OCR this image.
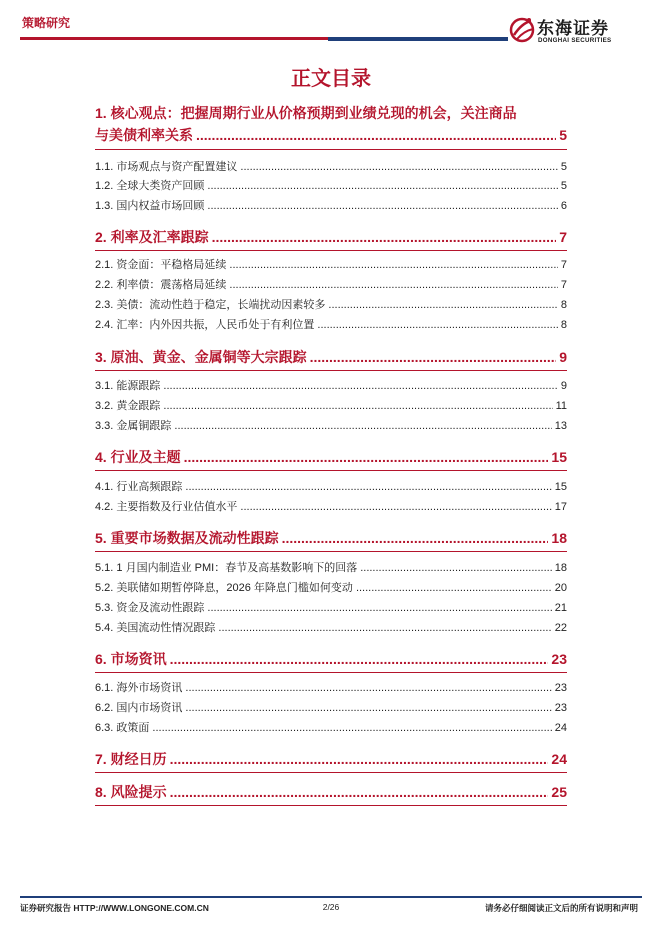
策略研究	东海证券
DONGHAI SECURITIES
正文目录
1. 核心观点：把握周期行业从价格预期到业绩兑现的机会，关注商品
与美债利率关系 .....	5
1.1. 市场观点与资产配置建议 .....	5
1.2. 全球大类资产回顾 .....	5
1.3. 国内权益市场回顾 .....	6
2. 利率及汇率跟踪 .....	7
2.1. 资金面：平稳格局延续 .....	7
2.2. 利率债：震荡格局延续 .....	7
2.3. 美债：流动性趋于稳定，长端扰动因素较多 .....	8
2.4. 汇率：内外因共振，人民币处于有利位置 .....	8
3. 原油、黄金、金属铜等大宗跟踪 .....	9
3.1. 能源跟踪 .....	9
3.2. 黄金跟踪 .....	11
3.3. 金属铜跟踪 .....	13
4. 行业及主题 .....	15
4.1. 行业高频跟踪 .....	15
4.2. 主要指数及行业估值水平 .....	17
5. 重要市场数据及流动性跟踪 .....	18
5.1. 1 月国内制造业 PMI：春节及高基数影响下的回落 .....	18
5.2. 美联储如期暂停降息，2026 年降息门槛如何变动 .....	20
5.3. 资金及流动性跟踪 .....	21
5.4. 美国流动性情况跟踪 .....	22
6. 市场资讯 .....	23
6.1. 海外市场资讯 .....	23
6.2. 国内市场资讯 .....	23
6.3. 政策面 .....	24
7. 财经日历 .....	24
8. 风险提示 .....	25
证券研究报告 HTTP://WWW.LONGONE.COM.CN	2/26	请务必仔细阅读正文后的所有说明和声明
